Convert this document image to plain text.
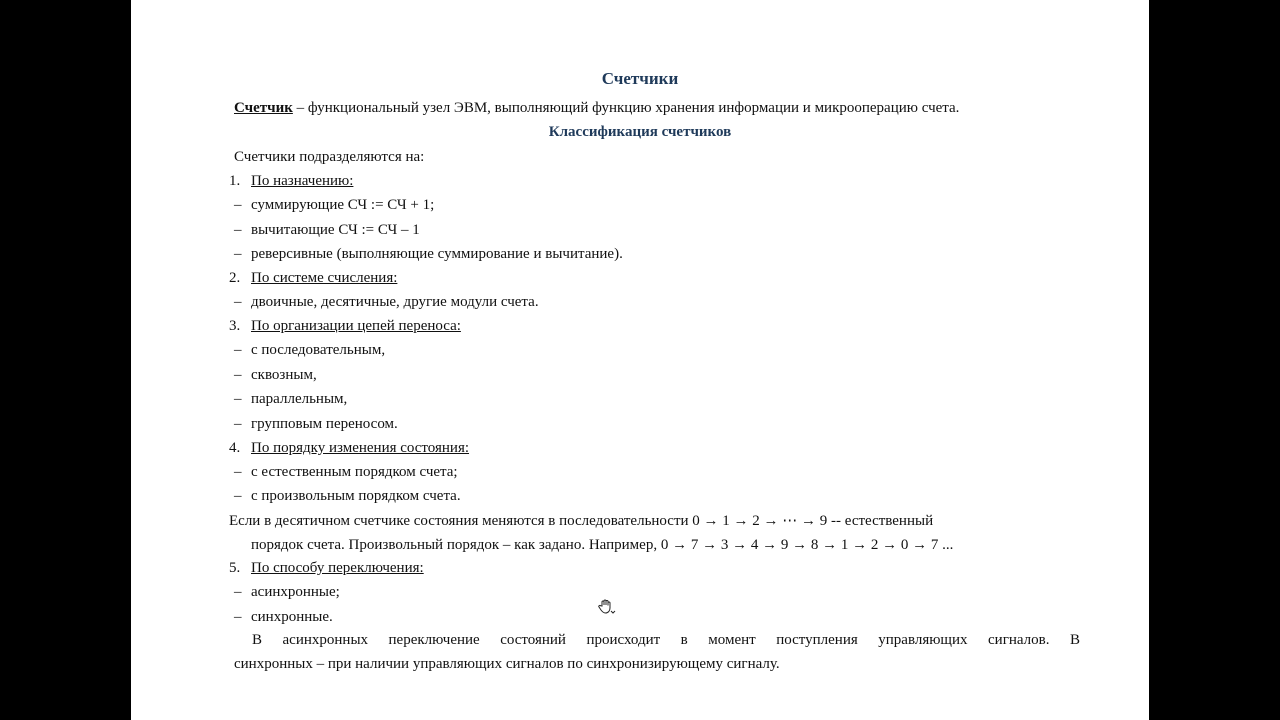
Счетчики
Счетчик – функциональный узел ЭВМ, выполняющий функцию хранения информации и микрооперацию счета.
Классификация счетчиков
Счетчики подразделяются на:
1. По назначению:
– суммирующие СЧ := СЧ + 1;
– вычитающие СЧ := СЧ – 1
– реверсивные (выполняющие суммирование и вычитание).
2. По системе счисления:
– двоичные, десятичные, другие модули счета.
3. По организации цепей переноса:
– с последовательным,
– сквозным,
– параллельным,
– групповым переносом.
4. По порядку изменения состояния:
– с естественным порядком счета;
– с произвольным порядком счета.
Если в десятичном счетчике состояния меняются в последовательности 0 → 1 → 2 → ⋯ → 9 -- естественный
порядок счета. Произвольный порядок – как задано. Например, 0 → 7 → 3 → 4 → 9 → 8 → 1 → 2 → 0 → 7 ...
5. По способу переключения:
– асинхронные;
– синхронные.
В асинхронных переключение состояний происходит в момент поступления управляющих сигналов. В
синхронных – при наличии управляющих сигналов по синхронизирующему сигналу.
